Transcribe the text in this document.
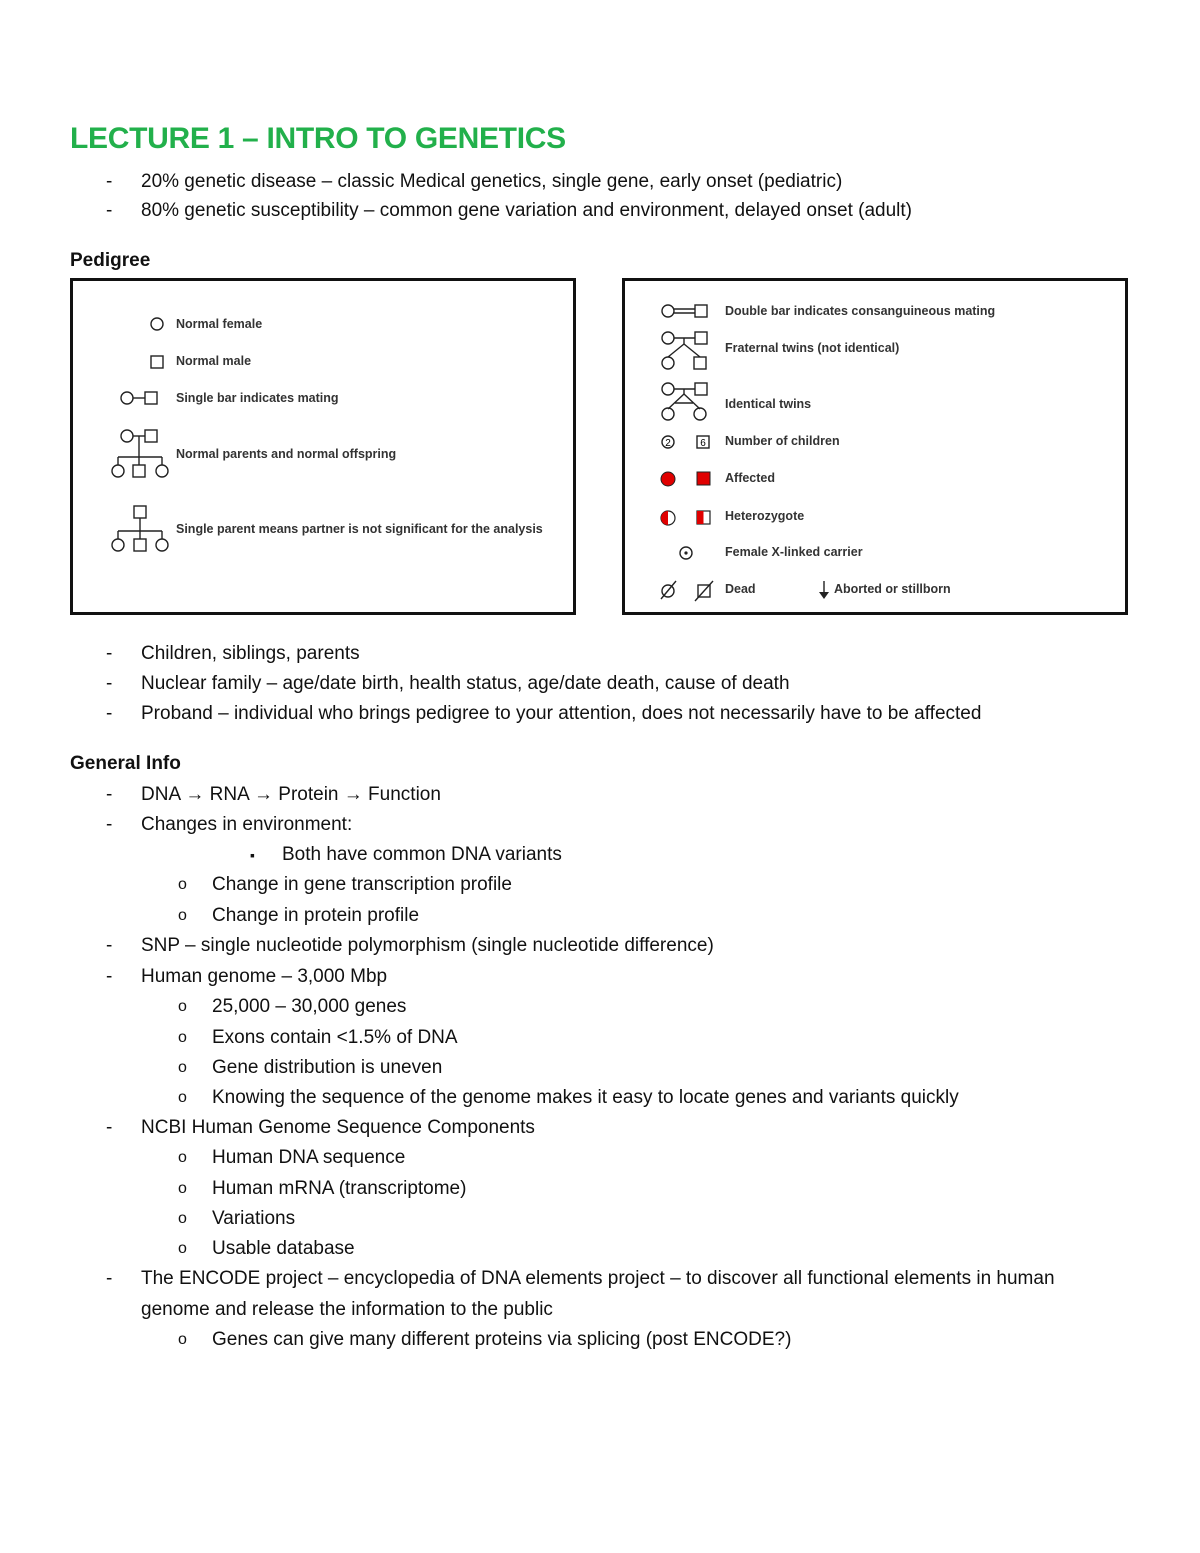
LECTURE 1 – INTRO TO GENETICS
- 20% genetic disease – classic Medical genetics, single gene, early onset (pediatric)
- 80% genetic susceptibility – common gene variation and environment, delayed onset (adult)
Pedigree
Normal female
Normal male
Single bar indicates mating
Normal parents and normal offspring
Single parent means partner is not significant for the analysis
2	6
Double bar indicates consanguineous mating
Fraternal twins (not identical)
Identical twins
Number of children
Affected
Heterozygote
Female X-linked carrier
Dead	Aborted or stillborn
- Children, siblings, parents
- Nuclear family – age/date birth, health status, age/date death, cause of death
- Proband – individual who brings pedigree to your attention, does not necessarily have to be affected
General Info
- DNA → RNA → Protein → Function
- Changes in environment:
▪ Both have common DNA variants
o Change in gene transcription profile
o Change in protein profile
- SNP – single nucleotide polymorphism (single nucleotide difference)
- Human genome – 3,000 Mbp
o 25,000 – 30,000 genes
o Exons contain <1.5% of DNA
o Gene distribution is uneven
o Knowing the sequence of the genome makes it easy to locate genes and variants quickly
- NCBI Human Genome Sequence Components
o Human DNA sequence
o Human mRNA (transcriptome)
o Variations
o Usable database
- The ENCODE project – encyclopedia of DNA elements project – to discover all functional elements in human
genome and release the information to the public
o Genes can give many different proteins via splicing (post ENCODE?)
